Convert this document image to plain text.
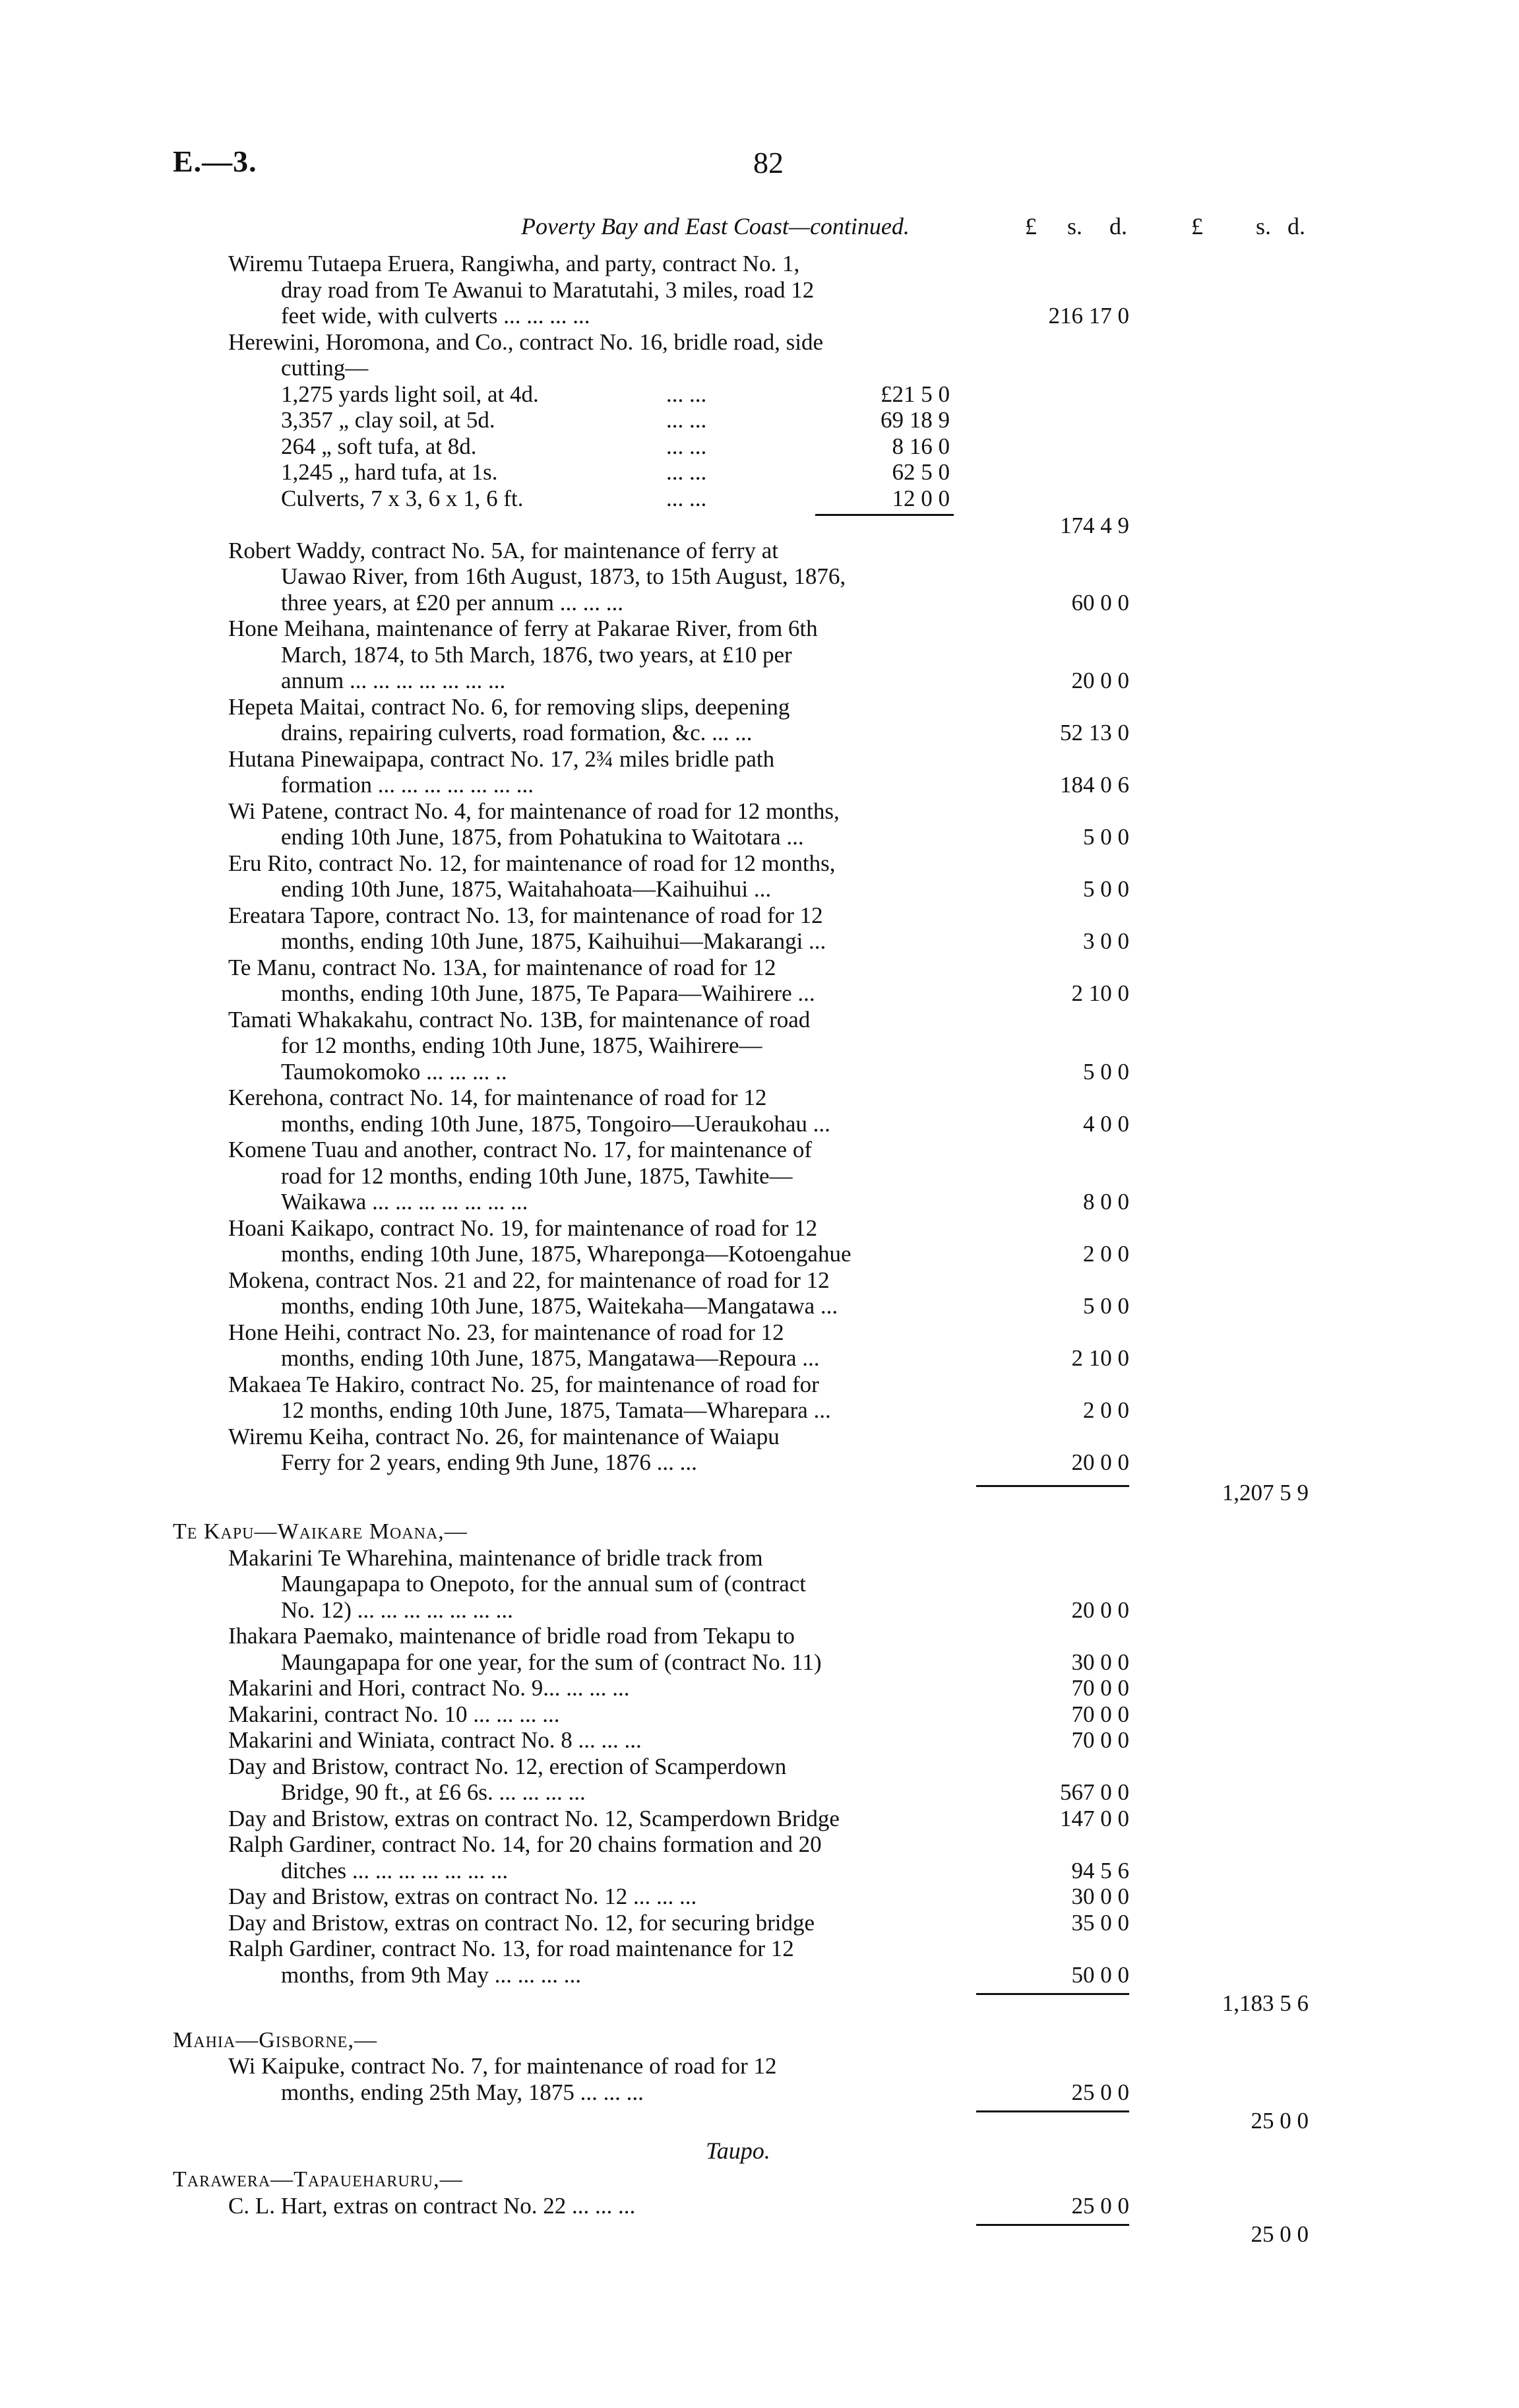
E.—3.	82
Poverty Bay and East Coast—continued.	£ s. d.	£ s. d.
Wiremu Tutaepa Eruera, Rangiwha, and party, contract No. 1,
dray road from Te Awanui to Maratutahi, 3 miles, road 12
feet wide, with culverts ... ... ... ...	216 17 0
Herewini, Horomona, and Co., contract No. 16, bridle road, side
cutting—
1,275 yards light soil, at 4d.	... ...	£21 5 0
3,357 „ clay soil, at 5d.	... ...	69 18 9
264 „ soft tufa, at 8d.	... ...	8 16 0
1,245 „ hard tufa, at 1s.	... ...	62 5 0
Culverts, 7 x 3, 6 x 1, 6 ft.	... ...	12 0 0
174 4 9
Robert Waddy, contract No. 5A, for maintenance of ferry at
Uawao River, from 16th August, 1873, to 15th August, 1876,
three years, at £20 per annum ... ... ...	60 0 0
Hone Meihana, maintenance of ferry at Pakarae River, from 6th
March, 1874, to 5th March, 1876, two years, at £10 per
annum ... ... ... ... ... ... ...	20 0 0
Hepeta Maitai, contract No. 6, for removing slips, deepening
drains, repairing culverts, road formation, &c. ... ...	52 13 0
Hutana Pinewaipapa, contract No. 17, 2¾ miles bridle path
formation ... ... ... ... ... ... ...	184 0 6
Wi Patene, contract No. 4, for maintenance of road for 12 months,
ending 10th June, 1875, from Pohatukina to Waitotara ...	5 0 0
Eru Rito, contract No. 12, for maintenance of road for 12 months,
ending 10th June, 1875, Waitahahoata—Kaihuihui ...	5 0 0
Ereatara Tapore, contract No. 13, for maintenance of road for 12
months, ending 10th June, 1875, Kaihuihui—Makarangi ...	3 0 0
Te Manu, contract No. 13A, for maintenance of road for 12
months, ending 10th June, 1875, Te Papara—Waihirere ...	2 10 0
Tamati Whakakahu, contract No. 13B, for maintenance of road
for 12 months, ending 10th June, 1875, Waihirere—
Taumokomoko ... ... ... ..	5 0 0
Kerehona, contract No. 14, for maintenance of road for 12
months, ending 10th June, 1875, Tongoiro—Ueraukohau ...	4 0 0
Komene Tuau and another, contract No. 17, for maintenance of
road for 12 months, ending 10th June, 1875, Tawhite—
Waikawa ... ... ... ... ... ... ...	8 0 0
Hoani Kaikapo, contract No. 19, for maintenance of road for 12
months, ending 10th June, 1875, Whareponga—Kotoengahue	2 0 0
Mokena, contract Nos. 21 and 22, for maintenance of road for 12
months, ending 10th June, 1875, Waitekaha—Mangatawa ...	5 0 0
Hone Heihi, contract No. 23, for maintenance of road for 12
months, ending 10th June, 1875, Mangatawa—Repoura ...	2 10 0
Makaea Te Hakiro, contract No. 25, for maintenance of road for
12 months, ending 10th June, 1875, Tamata—Wharepara ...	2 0 0
Wiremu Keiha, contract No. 26, for maintenance of Waiapu
Ferry for 2 years, ending 9th June, 1876 ... ...	20 0 0
1,207 5 9
Te Kapu—Waikare Moana,—
Makarini Te Wharehina, maintenance of bridle track from
Maungapapa to Onepoto, for the annual sum of (contract
No. 12) ... ... ... ... ... ... ...	20 0 0
Ihakara Paemako, maintenance of bridle road from Tekapu to
Maungapapa for one year, for the sum of (contract No. 11)	30 0 0
Makarini and Hori, contract No. 9... ... ... ...	70 0 0
Makarini, contract No. 10 ... ... ... ...	70 0 0
Makarini and Winiata, contract No. 8 ... ... ...	70 0 0
Day and Bristow, contract No. 12, erection of Scamperdown
Bridge, 90 ft., at £6 6s. ... ... ... ...	567 0 0
Day and Bristow, extras on contract No. 12, Scamperdown Bridge	147 0 0
Ralph Gardiner, contract No. 14, for 20 chains formation and 20
ditches ... ... ... ... ... ... ...	94 5 6
Day and Bristow, extras on contract No. 12 ... ... ...	30 0 0
Day and Bristow, extras on contract No. 12, for securing bridge	35 0 0
Ralph Gardiner, contract No. 13, for road maintenance for 12
months, from 9th May ... ... ... ...	50 0 0
1,183 5 6
Mahia—Gisborne,—
Wi Kaipuke, contract No. 7, for maintenance of road for 12
months, ending 25th May, 1875 ... ... ...	25 0 0
25 0 0
Taupo.
Tarawera—Tapaueharuru,—
C. L. Hart, extras on contract No. 22 ... ... ...	25 0 0
25 0 0
